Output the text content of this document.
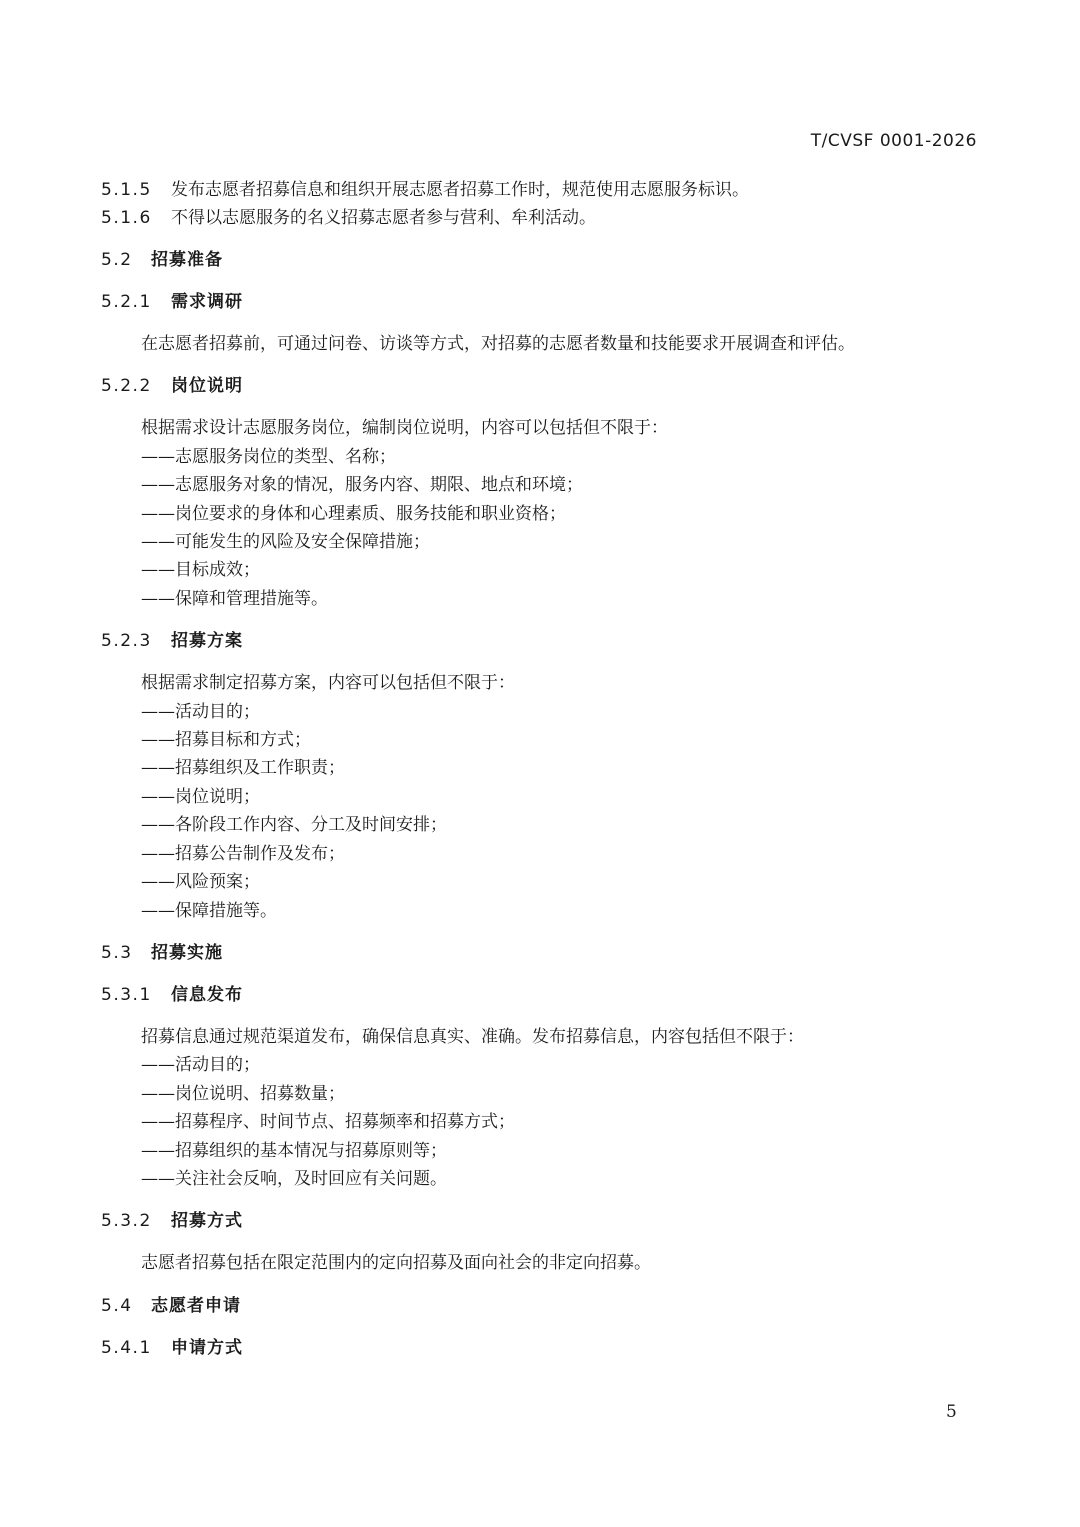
T/CVSF 0001-2026
5.1.5	发布志愿者招募信息和组织开展志愿者招募工作时，规范使用志愿服务标识。
5.1.6	不得以志愿服务的名义招募志愿者参与营利、牟利活动。
5.2	招募准备
5.2.1	需求调研
在志愿者招募前，可通过问卷、访谈等方式，对招募的志愿者数量和技能要求开展调查和评估。
5.2.2	岗位说明
根据需求设计志愿服务岗位，编制岗位说明，内容可以包括但不限于：
——志愿服务岗位的类型、名称；
——志愿服务对象的情况，服务内容、期限、地点和环境；
——岗位要求的身体和心理素质、服务技能和职业资格；
——可能发生的风险及安全保障措施；
——目标成效；
——保障和管理措施等。
5.2.3	招募方案
根据需求制定招募方案，内容可以包括但不限于：
——活动目的；
——招募目标和方式；
——招募组织及工作职责；
——岗位说明；
——各阶段工作内容、分工及时间安排；
——招募公告制作及发布；
——风险预案；
——保障措施等。
5.3	招募实施
5.3.1	信息发布
招募信息通过规范渠道发布，确保信息真实、准确。发布招募信息，内容包括但不限于：
——活动目的；
——岗位说明、招募数量；
——招募程序、时间节点、招募频率和招募方式；
——招募组织的基本情况与招募原则等；
——关注社会反响，及时回应有关问题。
5.3.2	招募方式
志愿者招募包括在限定范围内的定向招募及面向社会的非定向招募。
5.4	志愿者申请
5.4.1	申请方式
5
